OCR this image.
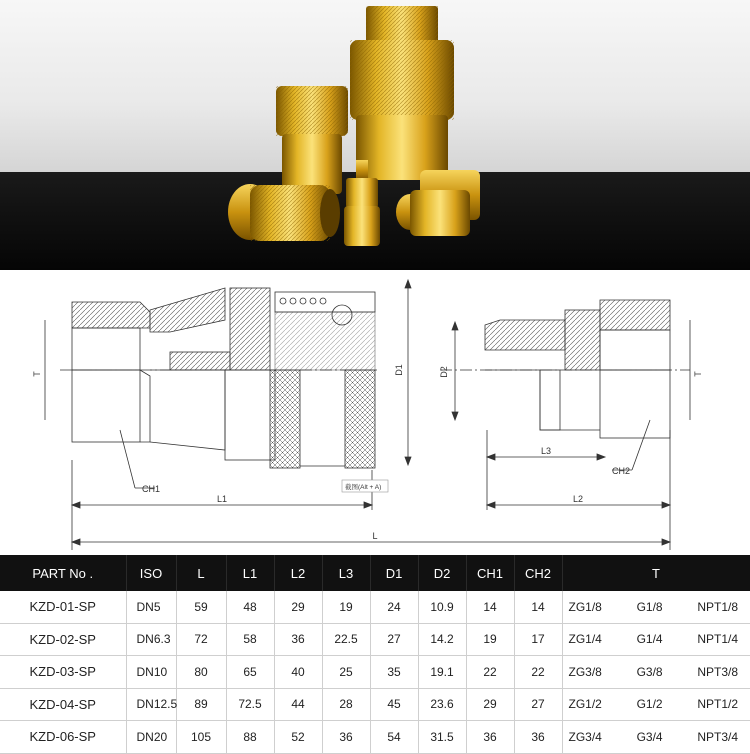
D1
T
CH1
L1
截图(Alt + A)
D2	T
L3
CH2
L2
L
PART No .	ISO	L	L1	L2	L3	D1	D2	CH1	CH2	T
KZD-01-SP	DN5	59	48	29	19	24	10.9	14	14	ZG1/8 G1/8 NPT1/8

KZD-02-SP	DN6.3	72	58	36	22.5	27	14.2	19	17	ZG1/4 G1/4 NPT1/4

KZD-03-SP	DN10	80	65	40	25	35	19.1	22	22	ZG3/8 G3/8 NPT3/8

KZD-04-SP	DN12.5	89	72.5	44	28	45	23.6	29	27	ZG1/2 G1/2 NPT1/2

KZD-06-SP	DN20	105	88	52	36	54	31.5	36	36	ZG3/4 G3/4 NPT3/4
